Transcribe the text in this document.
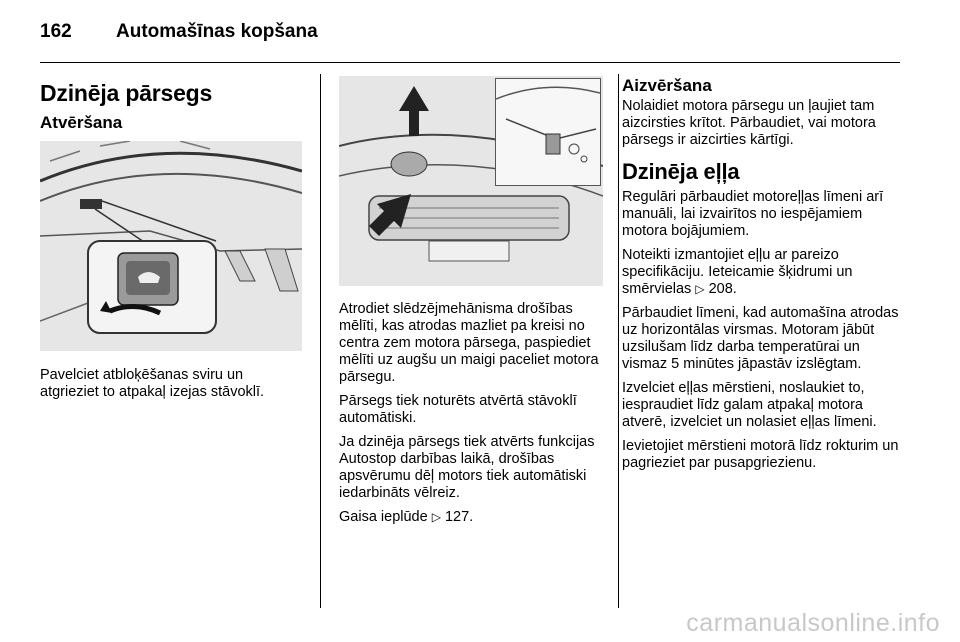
162	Automašīnas kopšana
Dzinēja pārsegs
Atvēršana

Pavelciet atbloķēšanas sviru un atgrieziet to atpakaļ izejas stāvoklī.

Atrodiet slēdzējmehānisma drošības mēlīti, kas atrodas mazliet pa kreisi no centra zem motora pārsega, paspiediet mēlīti uz augšu un maigi paceliet motora pārsegu.

Pārsegs tiek noturēts atvērtā stāvoklī automātiski.

Ja dzinēja pārsegs tiek atvērts funkcijas Autostop darbības laikā, drošības apsvērumu dēļ motors tiek automātiski iedarbināts vēlreiz.

Gaisa ieplūde ▷ 127.

Aizvēršana

Nolaidiet motora pārsegu un ļaujiet tam aizcirsties krītot. Pārbaudiet, vai motora pārsegs ir aizcirties kārtīgi.

Dzinēja eļļa

Regulāri pārbaudiet motoreļļas līmeni arī manuāli, lai izvairītos no iespējamiem motora bojājumiem.

Noteikti izmantojiet eļļu ar pareizo specifikāciju. Ieteicamie šķidrumi un smērvielas ▷ 208.

Pārbaudiet līmeni, kad automašīna atrodas uz horizontālas virsmas. Motoram jābūt uzsilušam līdz darba temperatūrai un vismaz 5 minūtes jāpastāv izslēgtam.

Izvelciet eļļas mērstieni, noslaukiet to, iespraudiet līdz galam atpakaļ motora atverē, izvelciet un nolasiet eļļas līmeni.

Ievietojiet mērstieni motorā līdz rokturim un pagrieziet par pusapgriezienu.

carmanualsonline.info
